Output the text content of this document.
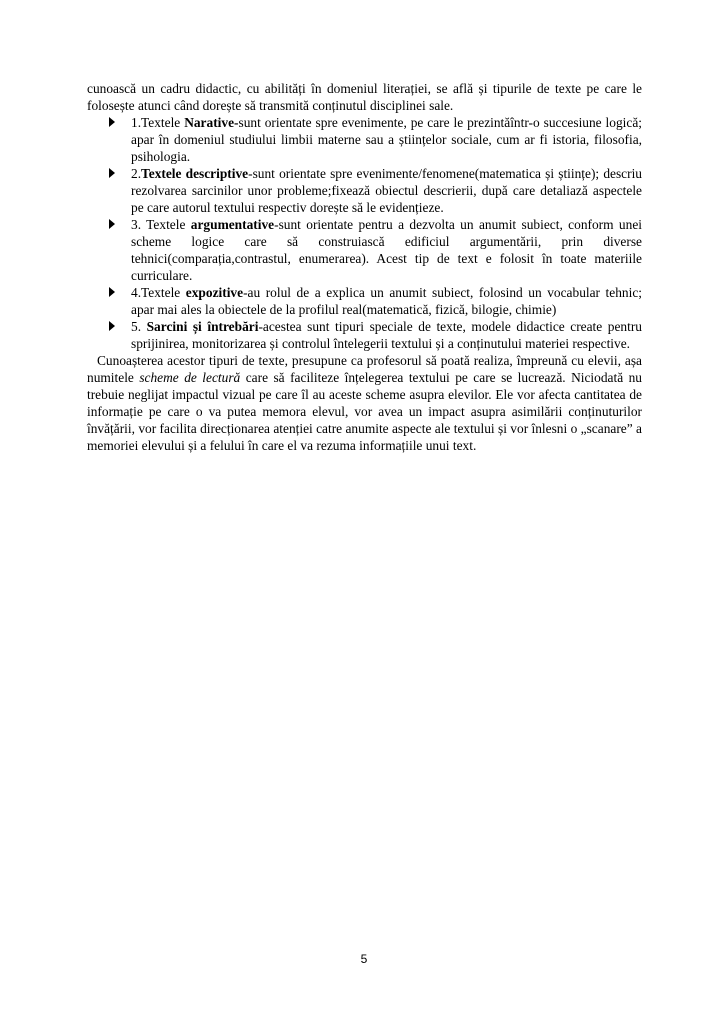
cunoască un cadru didactic, cu abilități în domeniul literației, se află și tipurile de texte pe care le folosește atunci când dorește să transmită conținutul disciplinei sale.

1.Textele Narative-sunt orientate spre evenimente, pe care le prezintăîntr-o succesiune logică; apar în domeniul studiului limbii materne sau a științelor sociale, cum ar fi istoria, filosofia, psihologia.
2.Textele descriptive-sunt orientate spre evenimente/fenomene(matematica și științe); descriu rezolvarea sarcinilor unor probleme;fixează obiectul descrierii, după care detaliază aspectele pe care autorul textului respectiv dorește să le evidențieze.
3. Textele argumentative-sunt orientate pentru a dezvolta un anumit subiect, conform unei scheme logice care să construiască edificiul argumentării, prin diverse tehnici(comparația,contrastul, enumerarea). Acest tip de text e folosit în toate materiile curriculare.
4.Textele expozitive-au rolul de a explica un anumit subiect, folosind un vocabular tehnic; apar mai ales la obiectele de la profilul real(matematică, fizică, bilogie, chimie)
5. Sarcini și întrebări-acestea sunt tipuri speciale de texte, modele didactice create pentru sprijinirea, monitorizarea și controlul întelegerii textului și a conținutului materiei respective.

Cunoașterea acestor tipuri de texte, presupune ca profesorul să poată realiza, împreună cu elevii, așa numitele scheme de lectură care să faciliteze înțelegerea textului pe care se lucrează. Niciodată nu trebuie neglijat impactul vizual pe care îl au aceste scheme asupra elevilor. Ele vor afecta cantitatea de informație pe care o va putea memora elevul, vor avea un impact asupra asimilării conținuturilor învățării, vor facilita direcționarea atenției catre anumite aspecte ale textului și vor înlesni o „scanare” a memoriei elevului și a felului în care el va rezuma informațiile unui text.

5
